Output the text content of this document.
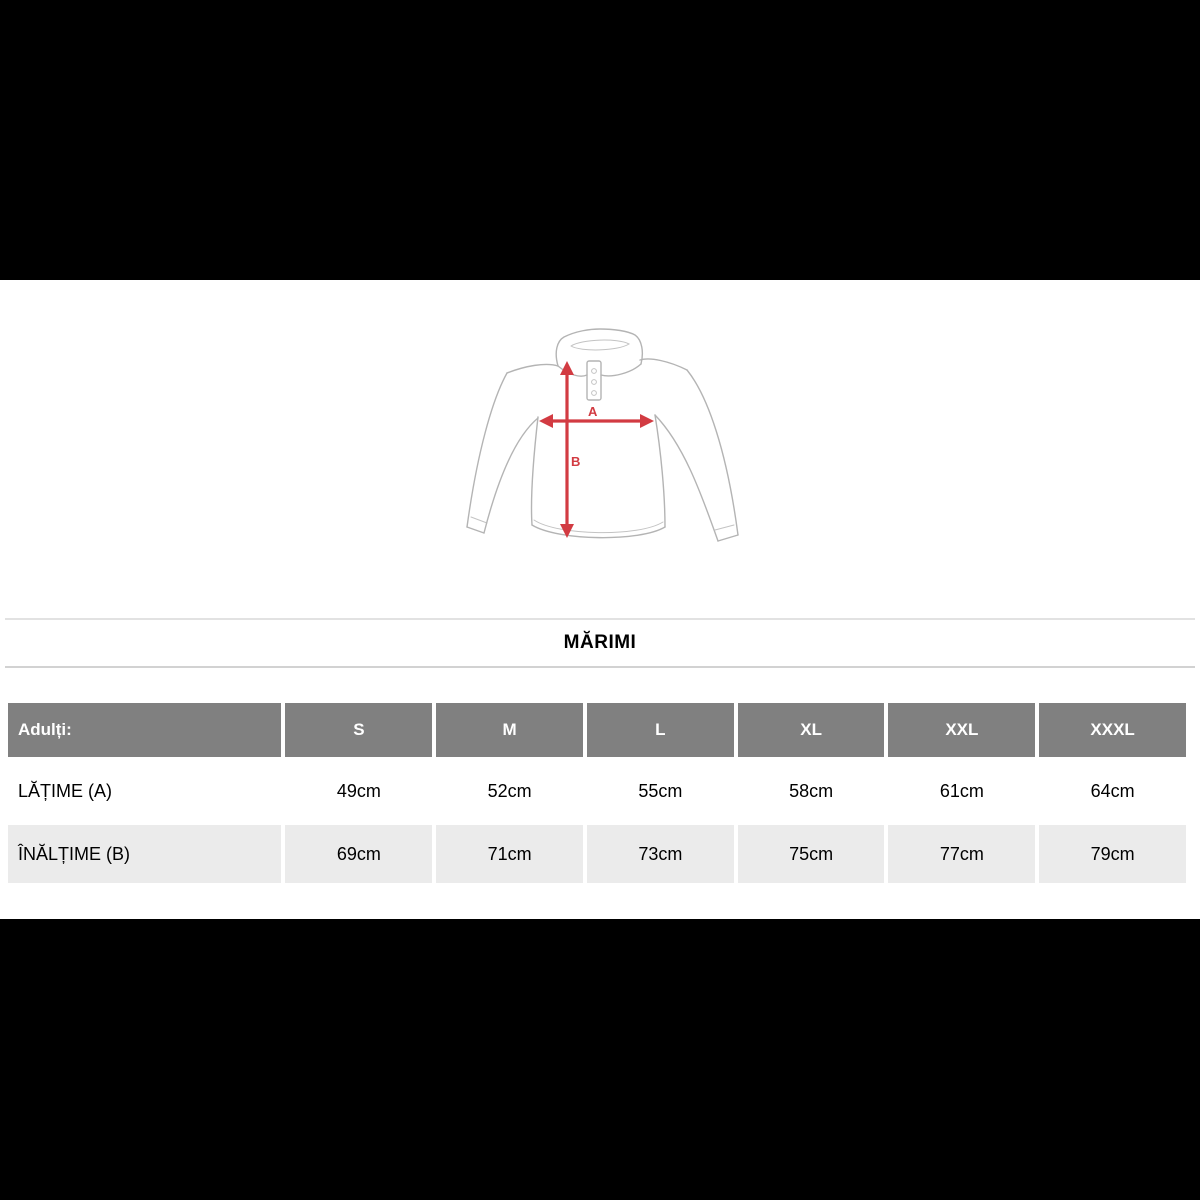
A
B
MĂRIMI
Adulți:	S	M	L	XL	XXL	XXXL
LĂȚIME (A)	49cm	52cm	55cm	58cm	61cm	64cm
ÎNĂLȚIME (B)	69cm	71cm	73cm	75cm	77cm	79cm
